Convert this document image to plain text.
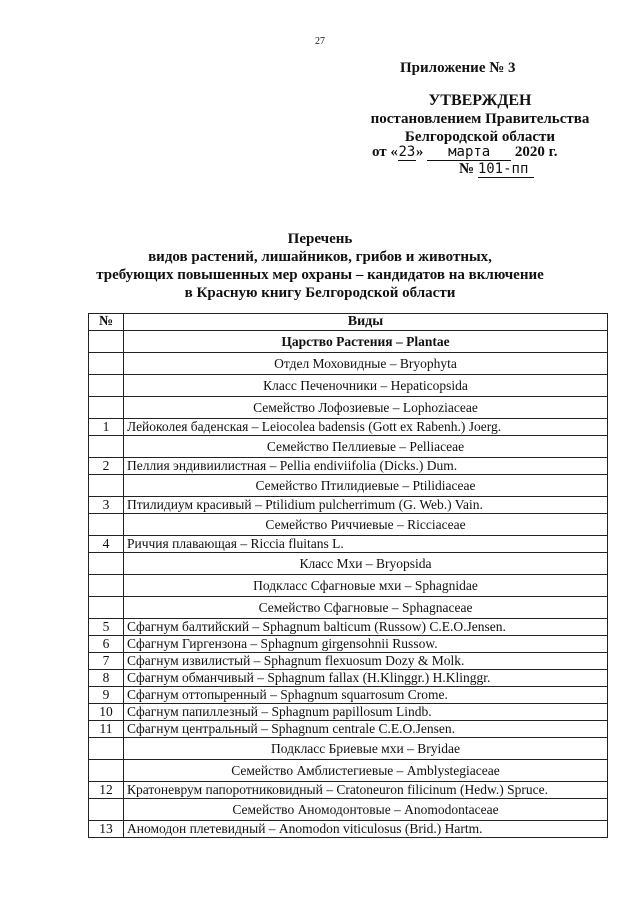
27
Приложение № 3
УТВЕРЖДЕН
постановлением Правительства
Белгородской области
от «23» марта 2020 г.
№ 101-пп
Перечень
видов растений, лишайников, грибов и животных,
требующих повышенных мер охраны – кандидатов на включение
в Красную книгу Белгородской области
№	Виды
	Царство Растения – Plantae
	Отдел Моховидные – Bryophyta
	Класс Печеночники – Hepaticopsida
	Семейство Лофозиевые – Lophoziaceae
1	Лейоколея баденская – Leiocolea badensis (Gott ex Rabenh.) Joerg.
	Семейство Пеллиевые – Pelliaceae
2	Пеллия эндивиилистная – Pellia endiviifolia (Dicks.) Dum.
	Семейство Птилидиевые – Ptilidiaceae
3	Птилидиум красивый – Ptilidium pulcherrimum (G. Web.) Vain.
	Семейство Риччиевые – Ricciaceae
4	Риччия плавающая – Riccia fluitans L.
	Класс Мхи – Bryopsida
	Подкласс Сфагновые мхи – Sphagnidae
	Семейство Сфагновые – Sphagnaceae
5	Сфагнум балтийский – Sphagnum balticum (Russow) C.E.O.Jensen.
6	Сфагнум Гиргензона – Sphagnum girgensohnii Russow.
7	Сфагнум извилистый – Sphagnum flexuosum Dozy & Molk.
8	Сфагнум обманчивый – Sphagnum fallax (H.Klinggr.) H.Klinggr.
9	Сфагнум оттопыренный – Sphagnum squarrosum Crome.
10	Сфагнум папиллезный – Sphagnum papillosum Lindb.
11	Сфагнум центральный – Sphagnum centrale C.E.O.Jensen.
	Подкласс Бриевые мхи – Bryidae
	Семейство Амблистегиевые – Amblystegiaceae
12	Кратоневрум папоротниковидный – Cratoneuron filicinum (Hedw.) Spruce.
	Семейство Аномодонтовые – Anomodontaceae
13	Аномодон плетевидный – Anomodon viticulosus (Brid.) Hartm.
